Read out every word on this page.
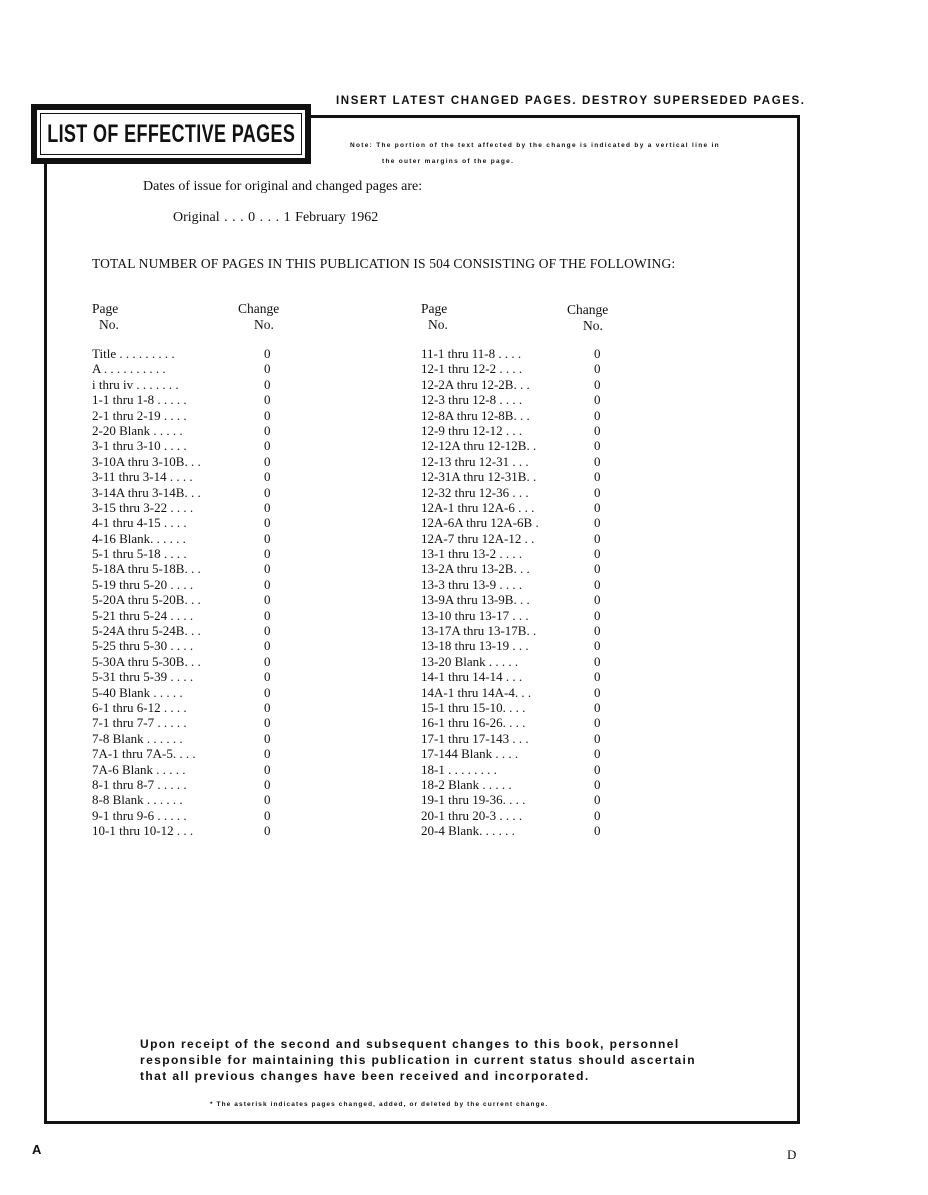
INSERT LATEST CHANGED PAGES. DESTROY SUPERSEDED PAGES.
LIST OF EFFECTIVE PAGES	Note: The portion of the text affected by the change is indicated by a vertical line in
the outer margins of the page.
Dates of issue for original and changed pages are:
Original . . . 0 . . . 1 February 1962
TOTAL NUMBER OF PAGES IN THIS PUBLICATION IS 504 CONSISTING OF THE FOLLOWING:
Page
No.
Change
No.
Page
No.
Change
No.
Title . . . . . . . . .	0
A . . . . . . . . . .	0
i thru iv . . . . . . .	0
1-1 thru 1-8 . . . . .	0
2-1 thru 2-19 . . . .	0
2-20 Blank . . . . .	0
3-1 thru 3-10 . . . .	0
3-10A thru 3-10B. . .	0
3-11 thru 3-14 . . . .	0
3-14A thru 3-14B. . .	0
3-15 thru 3-22 . . . .	0
4-1 thru 4-15 . . . .	0
4-16 Blank. . . . . .	0
5-1 thru 5-18 . . . .	0
5-18A thru 5-18B. . .	0
5-19 thru 5-20 . . . .	0
5-20A thru 5-20B. . .	0
5-21 thru 5-24 . . . .	0
5-24A thru 5-24B. . .	0
5-25 thru 5-30 . . . .	0
5-30A thru 5-30B. . .	0
5-31 thru 5-39 . . . .	0
5-40 Blank . . . . .	0
6-1 thru 6-12 . . . .	0
7-1 thru 7-7 . . . . .	0
7-8 Blank . . . . . .	0
7A-1 thru 7A-5. . . .	0
7A-6 Blank . . . . .	0
8-1 thru 8-7 . . . . .	0
8-8 Blank . . . . . .	0
9-1 thru 9-6 . . . . .	0
10-1 thru 10-12 . . .	0
11-1 thru 11-8 . . . .	0
12-1 thru 12-2 . . . .	0
12-2A thru 12-2B. . .	0
12-3 thru 12-8 . . . .	0
12-8A thru 12-8B. . .	0
12-9 thru 12-12 . . .	0
12-12A thru 12-12B. .	0
12-13 thru 12-31 . . .	0
12-31A thru 12-31B. .	0
12-32 thru 12-36 . . .	0
12A-1 thru 12A-6 . . .	0
12A-6A thru 12A-6B .	0
12A-7 thru 12A-12 . .	0
13-1 thru 13-2 . . . .	0
13-2A thru 13-2B. . .	0
13-3 thru 13-9 . . . .	0
13-9A thru 13-9B. . .	0
13-10 thru 13-17 . . .	0
13-17A thru 13-17B. .	0
13-18 thru 13-19 . . .	0
13-20 Blank . . . . .	0
14-1 thru 14-14 . . .	0
14A-1 thru 14A-4. . .	0
15-1 thru 15-10. . . .	0
16-1 thru 16-26. . . .	0
17-1 thru 17-143 . . .	0
17-144 Blank . . . .	0
18-1 . . . . . . . .	0
18-2 Blank . . . . .	0
19-1 thru 19-36. . . .	0
20-1 thru 20-3 . . . .	0
20-4 Blank. . . . . .	0
Upon receipt of the second and subsequent changes to this book, personnel responsible for maintaining this publication in current status should ascertain that all previous changes have been received and incorporated.
* The asterisk indicates pages changed, added, or deleted by the current change.
A	D
